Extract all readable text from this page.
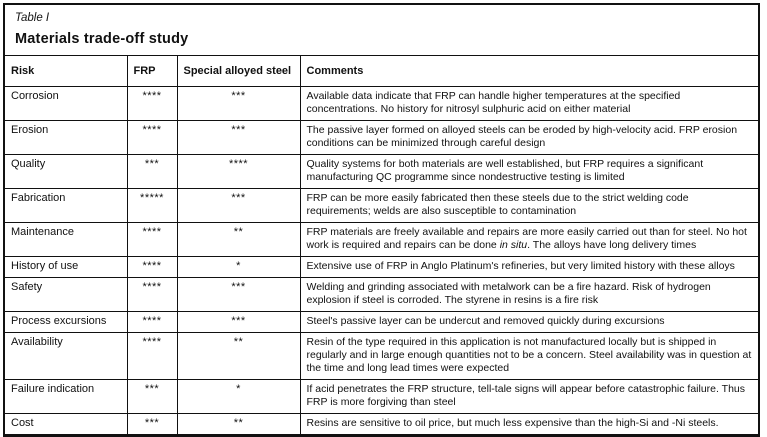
Table I
Materials trade-off study
Risk	FRP	Special alloyed steel	Comments
Corrosion	****	***	Available data indicate that FRP can handle higher temperatures at the specified concentrations. No history for nitrosyl sulphuric acid on either material
Erosion	****	***	The passive layer formed on alloyed steels can be eroded by high-velocity acid. FRP erosion conditions can be minimized through careful design
Quality	***	****	Quality systems for both materials are well established, but FRP requires a significant manufacturing QC programme since nondestructive testing is limited
Fabrication	*****	***	FRP can be more easily fabricated then these steels due to the strict welding code requirements; welds are also susceptible to contamination
Maintenance	****	**	FRP materials are freely available and repairs are more easily carried out than for steel. No hot work is required and repairs can be done in situ. The alloys have long delivery times
History of use	****	*	Extensive use of FRP in Anglo Platinum's refineries, but very limited history with these alloys
Safety	****	***	Welding and grinding associated with metalwork can be a fire hazard. Risk of hydrogen explosion if steel is corroded. The styrene in resins is a fire risk
Process excursions	****	***	Steel's passive layer can be undercut and removed quickly during excursions
Availability	****	**	Resin of the type required in this application is not manufactured locally but is shipped in regularly and in large enough quantities not to be a concern. Steel availability was in question at the time and long lead times were expected
Failure indication	***	*	If acid penetrates the FRP structure, tell-tale signs will appear before catastrophic failure. Thus FRP is more forgiving than steel
Cost	***	**	Resins are sensitive to oil price, but much less expensive than the high-Si and -Ni steels.
